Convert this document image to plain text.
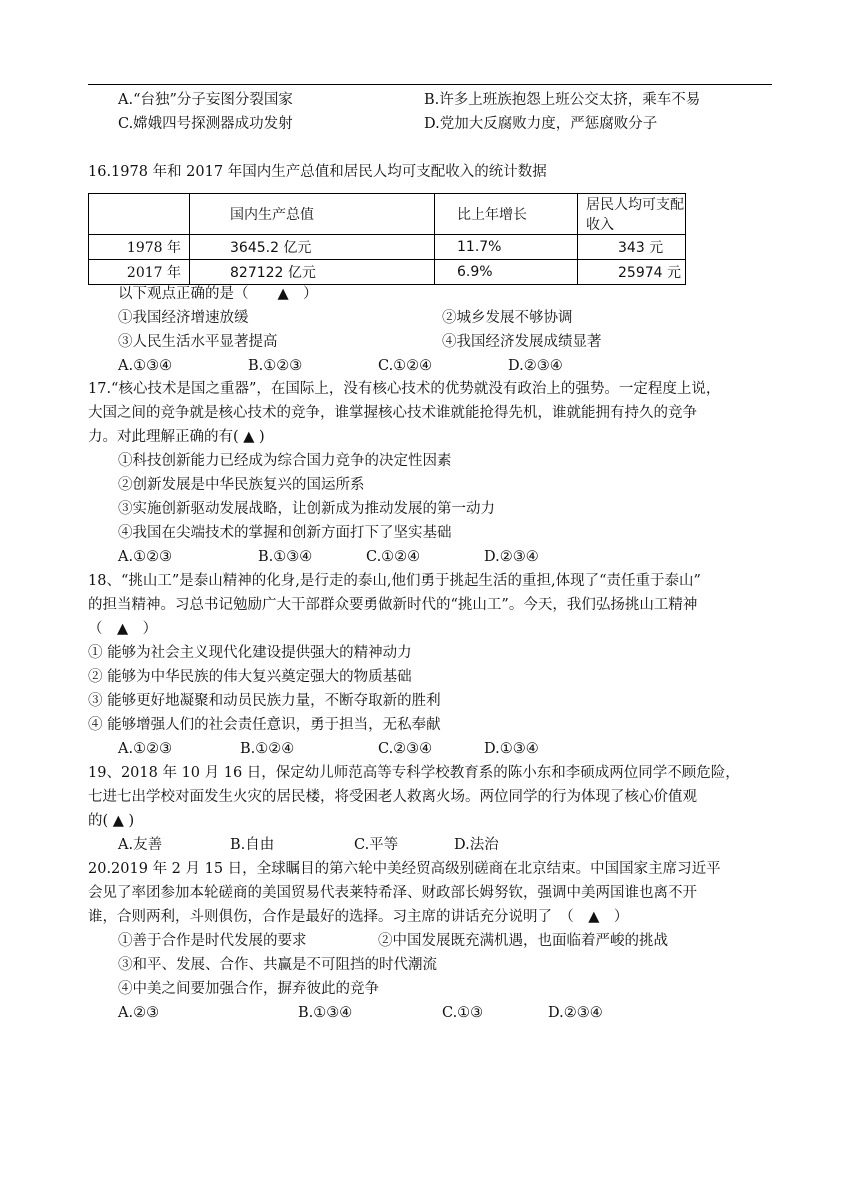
A.“台独”分子妄图分裂国家	B.许多上班族抱怨上班公交太挤，乘车不易
C.嫦娥四号探测器成功发射	D.党加大反腐败力度，严惩腐败分子
16.1978 年和 2017 年国内生产总值和居民人均可支配收入的统计数据
	国内生产总值	比上年增长	居民人均可支配收入
1978 年	3645.2 亿元	11.7%	343 元
2017 年	827122 亿元	6.9%	25974 元
以下观点正确的是（　　▲　）
①我国经济增速放缓	②城乡发展不够协调
③人民生活水平显著提高	④我国经济发展成绩显著
A.①③④	B.①②③	C.①②④	D.②③④
17.“核心技术是国之重器”，在国际上，没有核心技术的优势就没有政治上的强势。一定程度上说，
大国之间的竞争就是核心技术的竞争，谁掌握核心技术谁就能抢得先机，谁就能拥有持久的竞争
力。对此理解正确的有( ▲ )
①科技创新能力已经成为综合国力竞争的决定性因素
②创新发展是中华民族复兴的国运所系
③实施创新驱动发展战略，让创新成为推动发展的第一动力
④我国在尖端技术的掌握和创新方面打下了坚实基础
A.①②③	B.①③④	C.①②④	D.②③④
18、“挑山工”是泰山精神的化身,是行走的泰山,他们勇于挑起生活的重担,体现了“责任重于泰山”
的担当精神。习总书记勉励广大干部群众要勇做新时代的“挑山工”。今天，我们弘扬挑山工精神
（　▲　）
① 能够为社会主义现代化建设提供强大的精神动力
② 能够为中华民族的伟大复兴奠定强大的物质基础
③ 能够更好地凝聚和动员民族力量，不断夺取新的胜利
④ 能够增强人们的社会责任意识，勇于担当，无私奉献
A.①②③	B.①②④	C.②③④	D.①③④
19、2018 年 10 月 16 日，保定幼儿师范高等专科学校教育系的陈小东和李硕成两位同学不顾危险，
七进七出学校对面发生火灾的居民楼，将受困老人救离火场。两位同学的行为体现了核心价值观
的( ▲ )
A.友善	B.自由	C.平等	D.法治
20.2019 年 2 月 15 日，全球瞩目的第六轮中美经贸高级别磋商在北京结束。中国国家主席习近平
会见了率团参加本轮磋商的美国贸易代表莱特希泽、财政部长姆努钦，强调中美两国谁也离不开
谁，合则两利，斗则俱伤，合作是最好的选择。习主席的讲话充分说明了　（　▲　）
①善于合作是时代发展的要求	②中国发展既充满机遇，也面临着严峻的挑战
③和平、发展、合作、共赢是不可阻挡的时代潮流
④中美之间要加强合作，摒弃彼此的竞争
A.②③	B.①③④	C.①③	D.②③④
